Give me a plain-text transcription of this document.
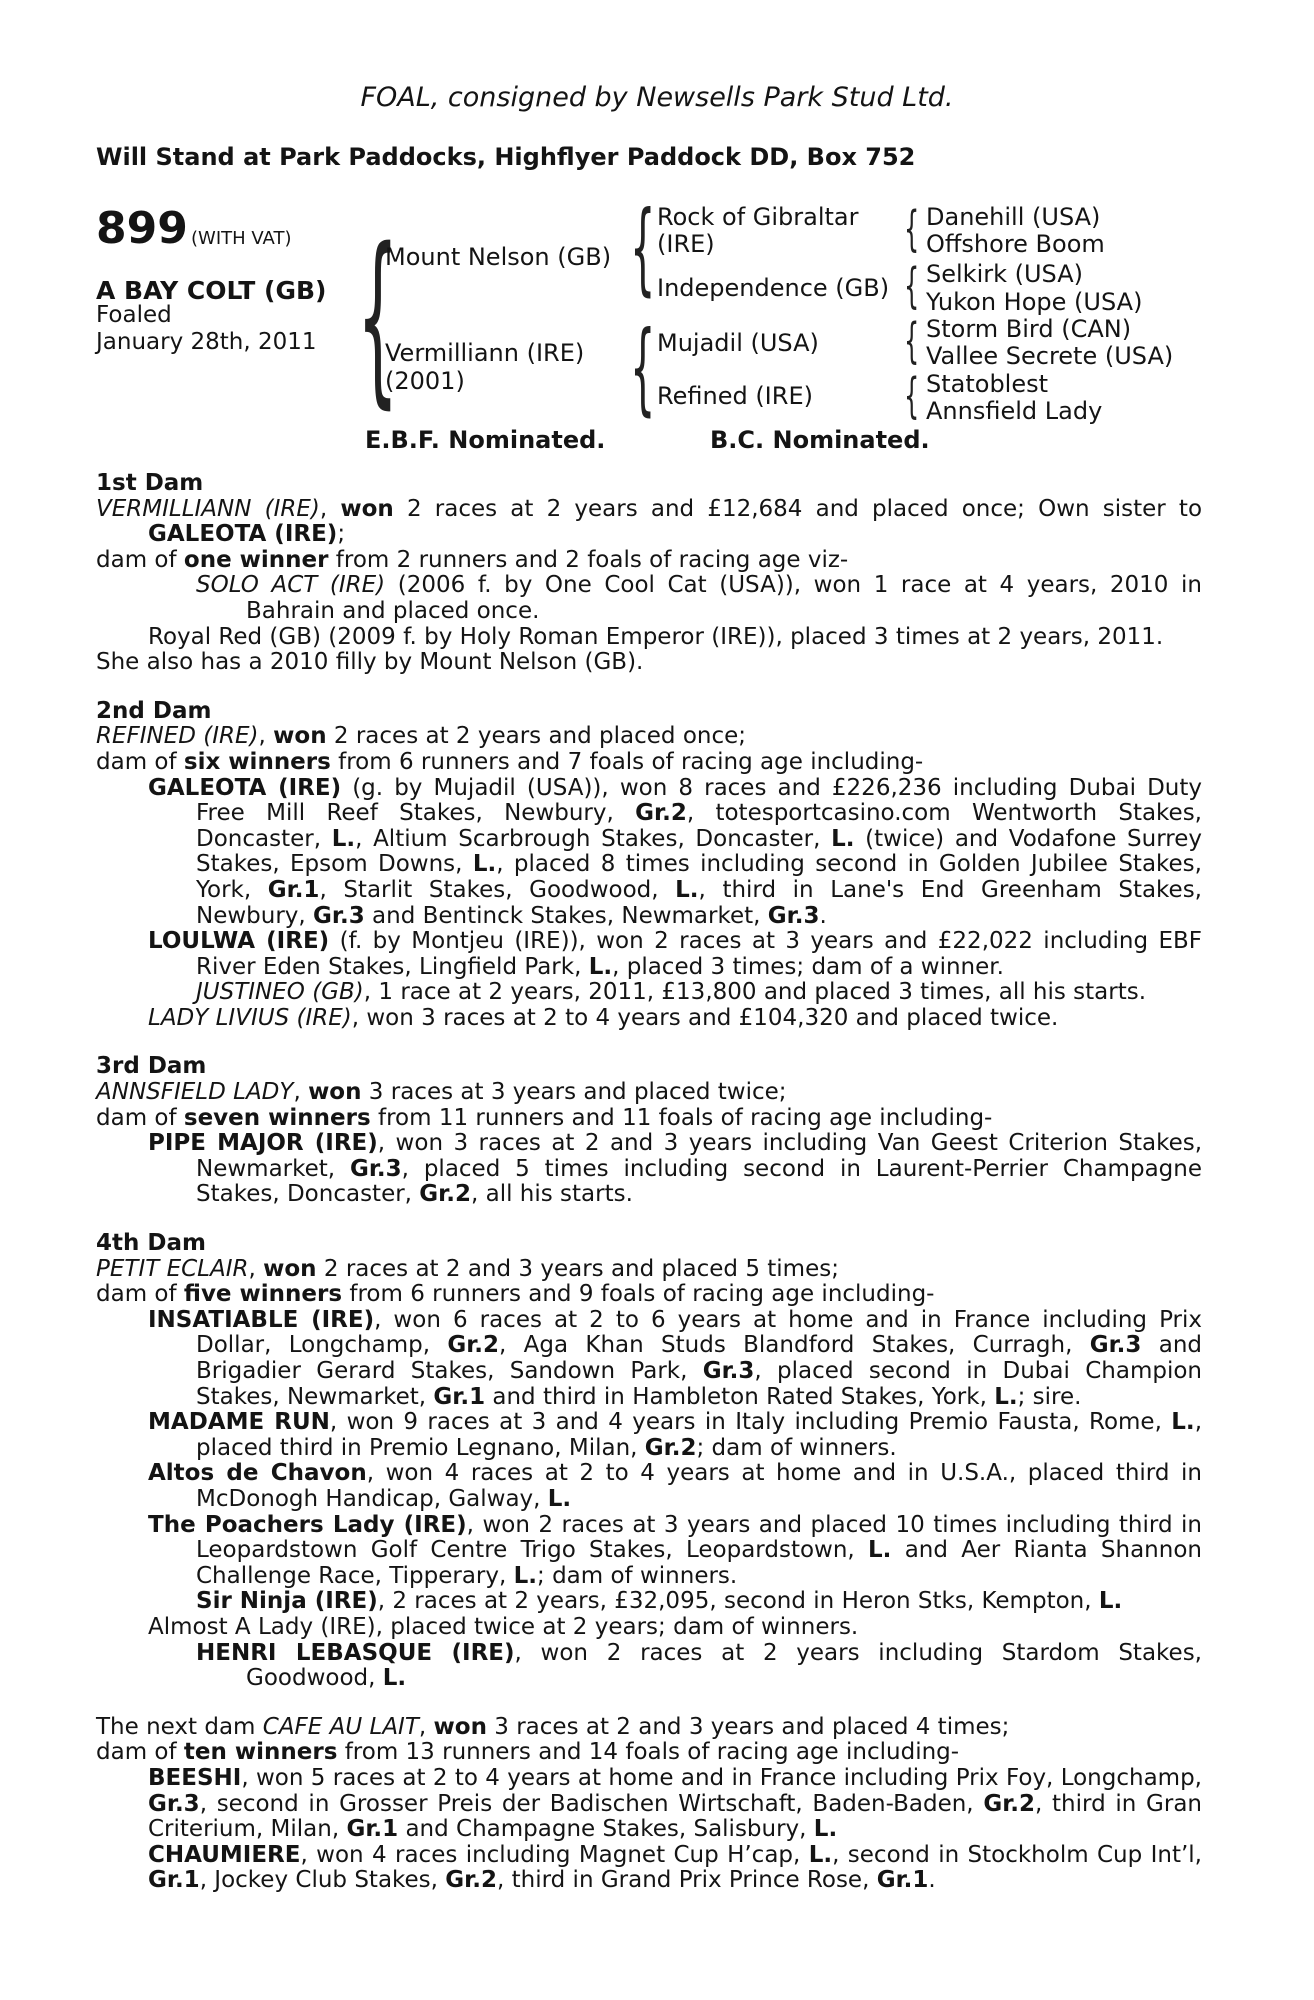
FOAL, consigned by Newsells Park Stud Ltd.
Will Stand at Park Paddocks, Highflyer Paddock DD, Box 752
899 (WITH VAT)
A BAY COLT (GB)
Foaled
January 28th, 2011 {
Mount Nelson (GB)
Vermilliann (IRE)
(2001)
{ Rock of Gibraltar
(IRE)
Independence (GB)
{ Mujadil (USA)
Refined (IRE)
{ Danehill (USA)
Offshore Boom
{ Selkirk (USA)
Yukon Hope (USA)
{ Storm Bird (CAN)
Vallee Secrete (USA)
{ Statoblest
Annsfield Lady
E.B.F. Nominated.	B.C. Nominated.
1st Dam
VERMILLIANN (IRE), won 2 races at 2 years and £12,684 and placed once; Own sister to GALEOTA (IRE);
dam of one winner from 2 runners and 2 foals of racing age viz-
SOLO ACT (IRE) (2006 f. by One Cool Cat (USA)), won 1 race at 4 years, 2010 in Bahrain and placed once.
Royal Red (GB) (2009 f. by Holy Roman Emperor (IRE)), placed 3 times at 2 years, 2011.
She also has a 2010 filly by Mount Nelson (GB).
2nd Dam
REFINED (IRE), won 2 races at 2 years and placed once;
dam of six winners from 6 runners and 7 foals of racing age including-
GALEOTA (IRE) (g. by Mujadil (USA)), won 8 races and £226,236 including Dubai Duty Free Mill Reef Stakes, Newbury, Gr.2, totesportcasino.com Wentworth Stakes, Doncaster, L., Altium Scarbrough Stakes, Doncaster, L. (twice) and Vodafone Surrey Stakes, Epsom Downs, L., placed 8 times including second in Golden Jubilee Stakes, York, Gr.1, Starlit Stakes, Goodwood, L., third in Lane's End Greenham Stakes, Newbury, Gr.3 and Bentinck Stakes, Newmarket, Gr.3.
LOULWA (IRE) (f. by Montjeu (IRE)), won 2 races at 3 years and £22,022 including EBF River Eden Stakes, Lingfield Park, L., placed 3 times; dam of a winner.
JUSTINEO (GB), 1 race at 2 years, 2011, £13,800 and placed 3 times, all his starts.
LADY LIVIUS (IRE), won 3 races at 2 to 4 years and £104,320 and placed twice.
3rd Dam
ANNSFIELD LADY, won 3 races at 3 years and placed twice;
dam of seven winners from 11 runners and 11 foals of racing age including-
PIPE MAJOR (IRE), won 3 races at 2 and 3 years including Van Geest Criterion Stakes, Newmarket, Gr.3, placed 5 times including second in Laurent-Perrier Champagne Stakes, Doncaster, Gr.2, all his starts.
4th Dam
PETIT ECLAIR, won 2 races at 2 and 3 years and placed 5 times;
dam of five winners from 6 runners and 9 foals of racing age including-
INSATIABLE (IRE), won 6 races at 2 to 6 years at home and in France including Prix Dollar, Longchamp, Gr.2, Aga Khan Studs Blandford Stakes, Curragh, Gr.3 and Brigadier Gerard Stakes, Sandown Park, Gr.3, placed second in Dubai Champion Stakes, Newmarket, Gr.1 and third in Hambleton Rated Stakes, York, L.; sire.
MADAME RUN, won 9 races at 3 and 4 years in Italy including Premio Fausta, Rome, L., placed third in Premio Legnano, Milan, Gr.2; dam of winners.
Altos de Chavon, won 4 races at 2 to 4 years at home and in U.S.A., placed third in McDonogh Handicap, Galway, L.
The Poachers Lady (IRE), won 2 races at 3 years and placed 10 times including third in Leopardstown Golf Centre Trigo Stakes, Leopardstown, L. and Aer Rianta Shannon Challenge Race, Tipperary, L.; dam of winners.
Sir Ninja (IRE), 2 races at 2 years, £32,095, second in Heron Stks, Kempton, L.
Almost A Lady (IRE), placed twice at 2 years; dam of winners.
HENRI LEBASQUE (IRE), won 2 races at 2 years including Stardom Stakes, Goodwood, L.
The next dam CAFE AU LAIT, won 3 races at 2 and 3 years and placed 4 times;
dam of ten winners from 13 runners and 14 foals of racing age including-
BEESHI, won 5 races at 2 to 4 years at home and in France including Prix Foy, Longchamp, Gr.3, second in Grosser Preis der Badischen Wirtschaft, Baden-Baden, Gr.2, third in Gran Criterium, Milan, Gr.1 and Champagne Stakes, Salisbury, L.
CHAUMIERE, won 4 races including Magnet Cup H’cap, L., second in Stockholm Cup Int’l, Gr.1, Jockey Club Stakes, Gr.2, third in Grand Prix Prince Rose, Gr.1.
